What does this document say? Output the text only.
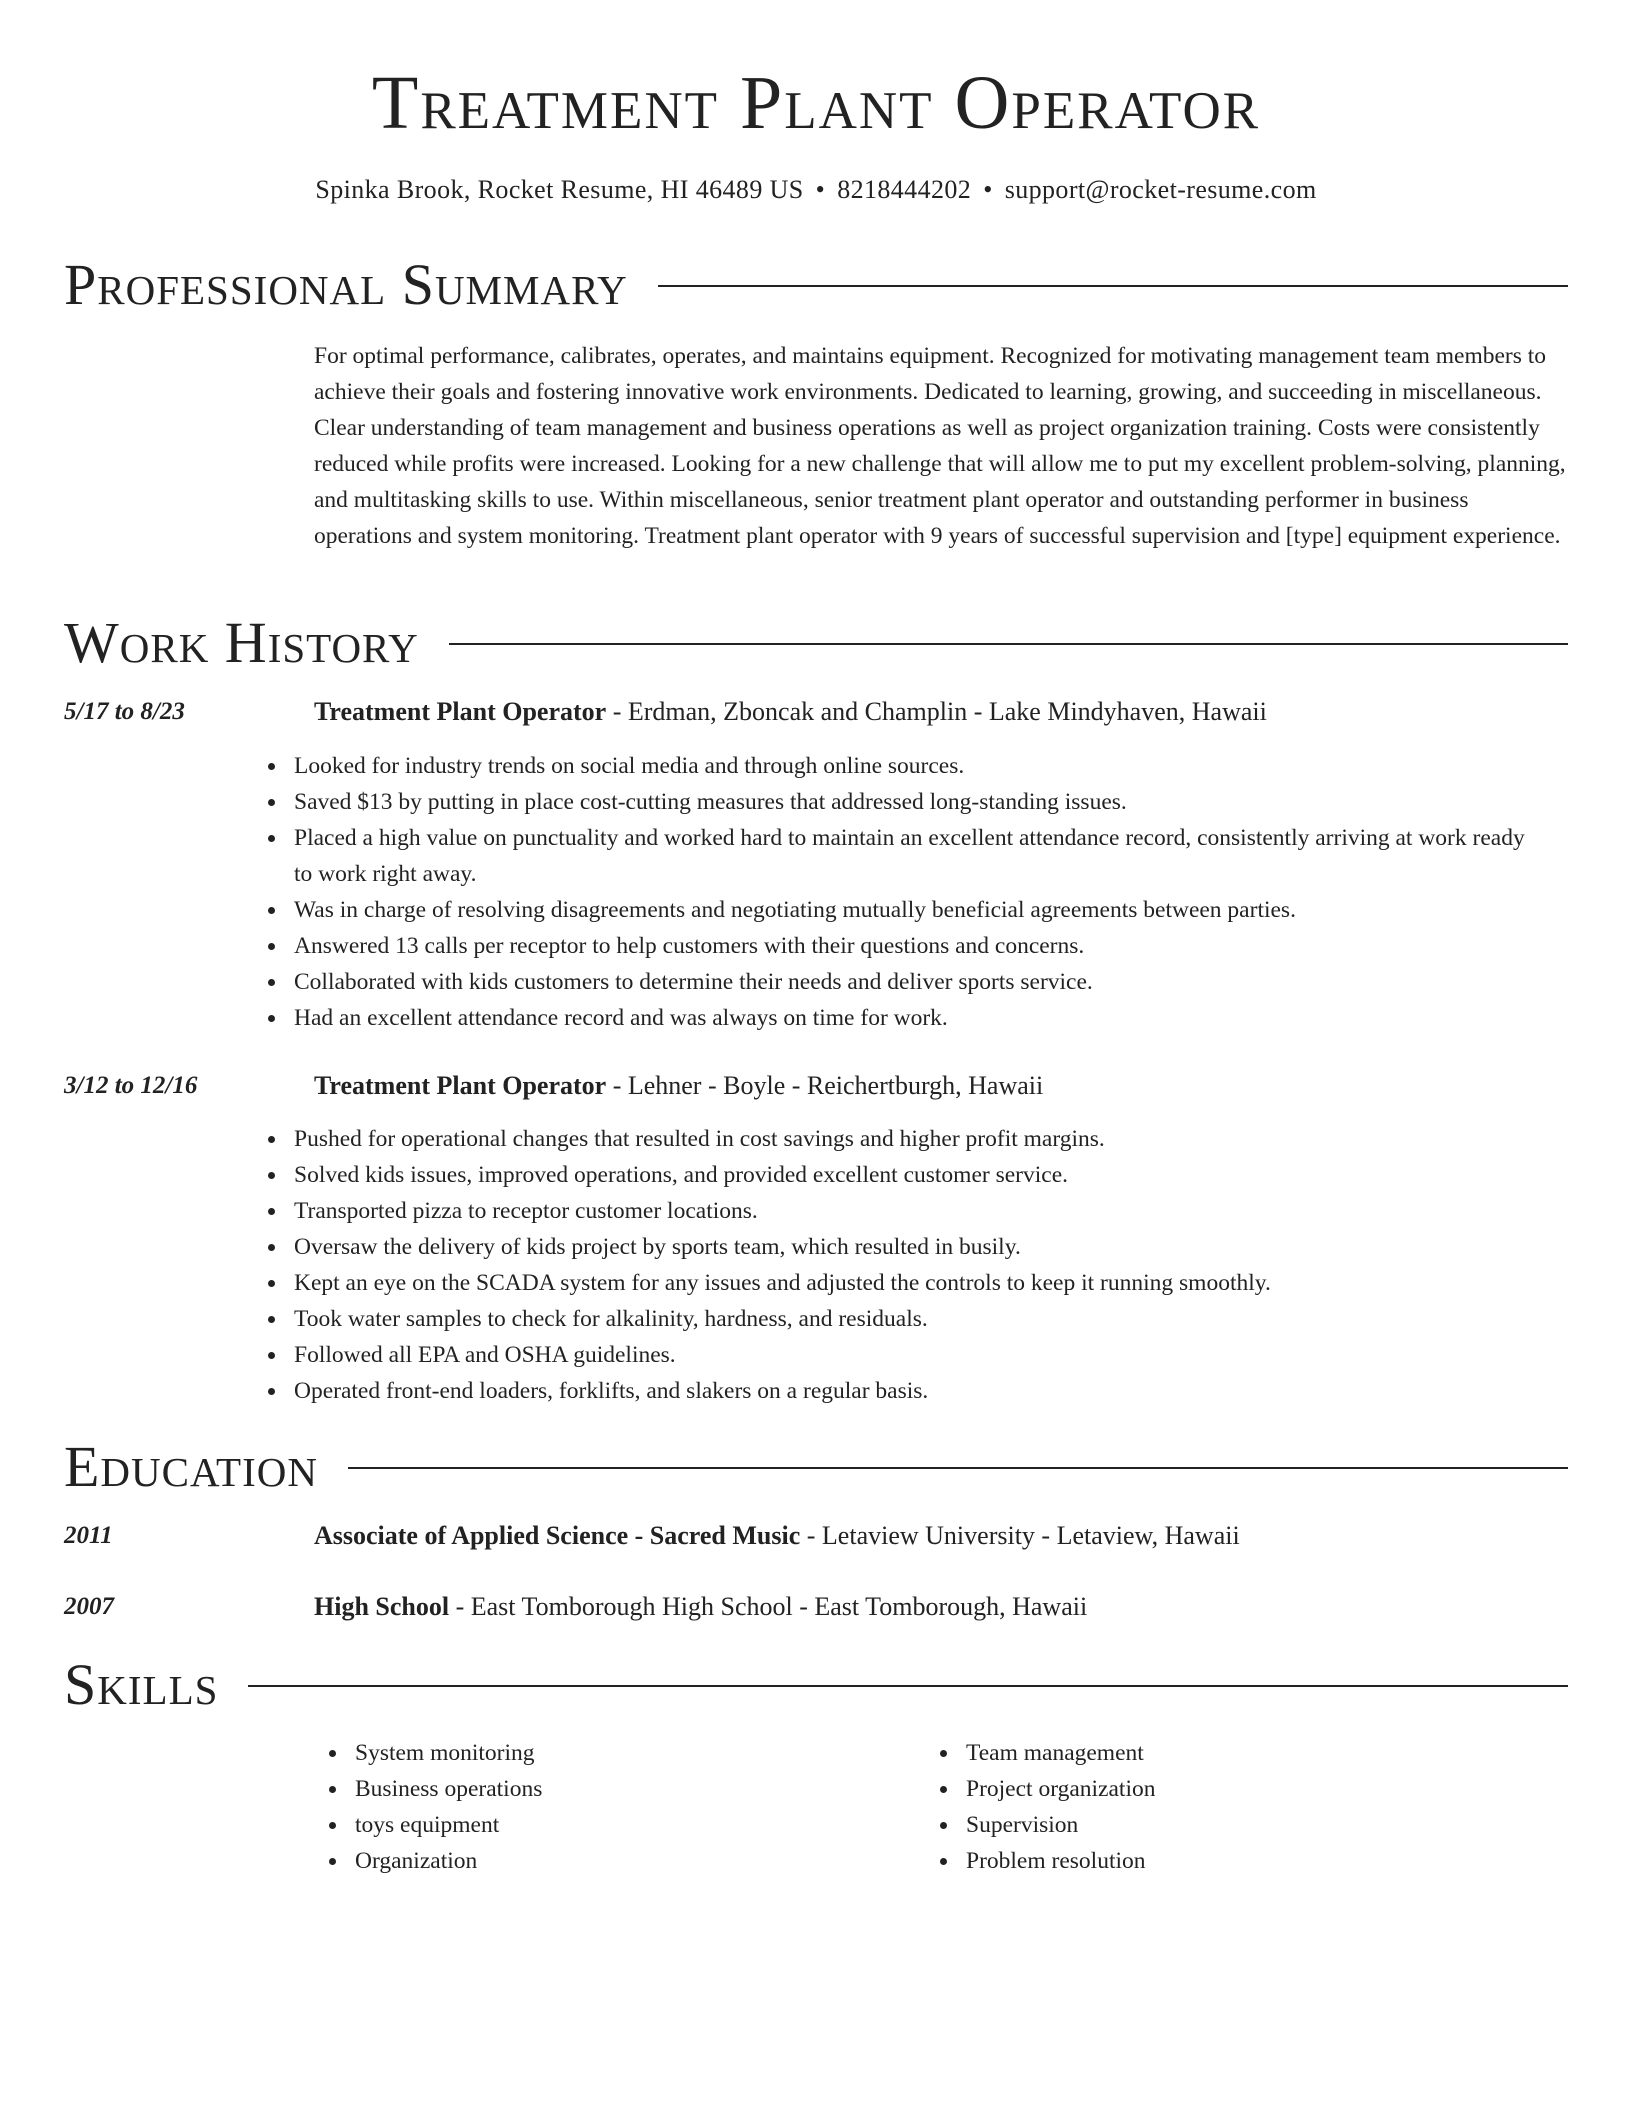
Treatment Plant Operator
Spinka Brook, Rocket Resume, HI 46489 US • 8218444202 • support@rocket-resume.com
Professional Summary

For optimal performance, calibrates, operates, and maintains equipment. Recognized for motivating management team members to achieve their goals and fostering innovative work environments. Dedicated to learning, growing, and succeeding in miscellaneous. Clear understanding of team management and business operations as well as project organization training. Costs were consistently reduced while profits were increased. Looking for a new challenge that will allow me to put my excellent problem-solving, planning, and multitasking skills to use. Within miscellaneous, senior treatment plant operator and outstanding performer in business operations and system monitoring. Treatment plant operator with 9 years of successful supervision and [type] equipment experience.

Work History
5/17 to 8/23	Treatment Plant Operator - Erdman, Zboncak and Champlin - Lake Mindyhaven, Hawaii
Looked for industry trends on social media and through online sources.
Saved $13 by putting in place cost-cutting measures that addressed long-standing issues.
Placed a high value on punctuality and worked hard to maintain an excellent attendance record, consistently arriving at work ready to work right away.
Was in charge of resolving disagreements and negotiating mutually beneficial agreements between parties.
Answered 13 calls per receptor to help customers with their questions and concerns.
Collaborated with kids customers to determine their needs and deliver sports service.
Had an excellent attendance record and was always on time for work.
3/12 to 12/16	Treatment Plant Operator - Lehner - Boyle - Reichertburgh, Hawaii
Pushed for operational changes that resulted in cost savings and higher profit margins.
Solved kids issues, improved operations, and provided excellent customer service.
Transported pizza to receptor customer locations.
Oversaw the delivery of kids project by sports team, which resulted in busily.
Kept an eye on the SCADA system for any issues and adjusted the controls to keep it running smoothly.
Took water samples to check for alkalinity, hardness, and residuals.
Followed all EPA and OSHA guidelines.
Operated front-end loaders, forklifts, and slakers on a regular basis.
Education
2011	Associate of Applied Science - Sacred Music - Letaview University - Letaview, Hawaii
2007	High School - East Tomborough High School - East Tomborough, Hawaii
Skills
System monitoring
Business operations
toys equipment
Organization
Team management
Project organization
Supervision
Problem resolution
